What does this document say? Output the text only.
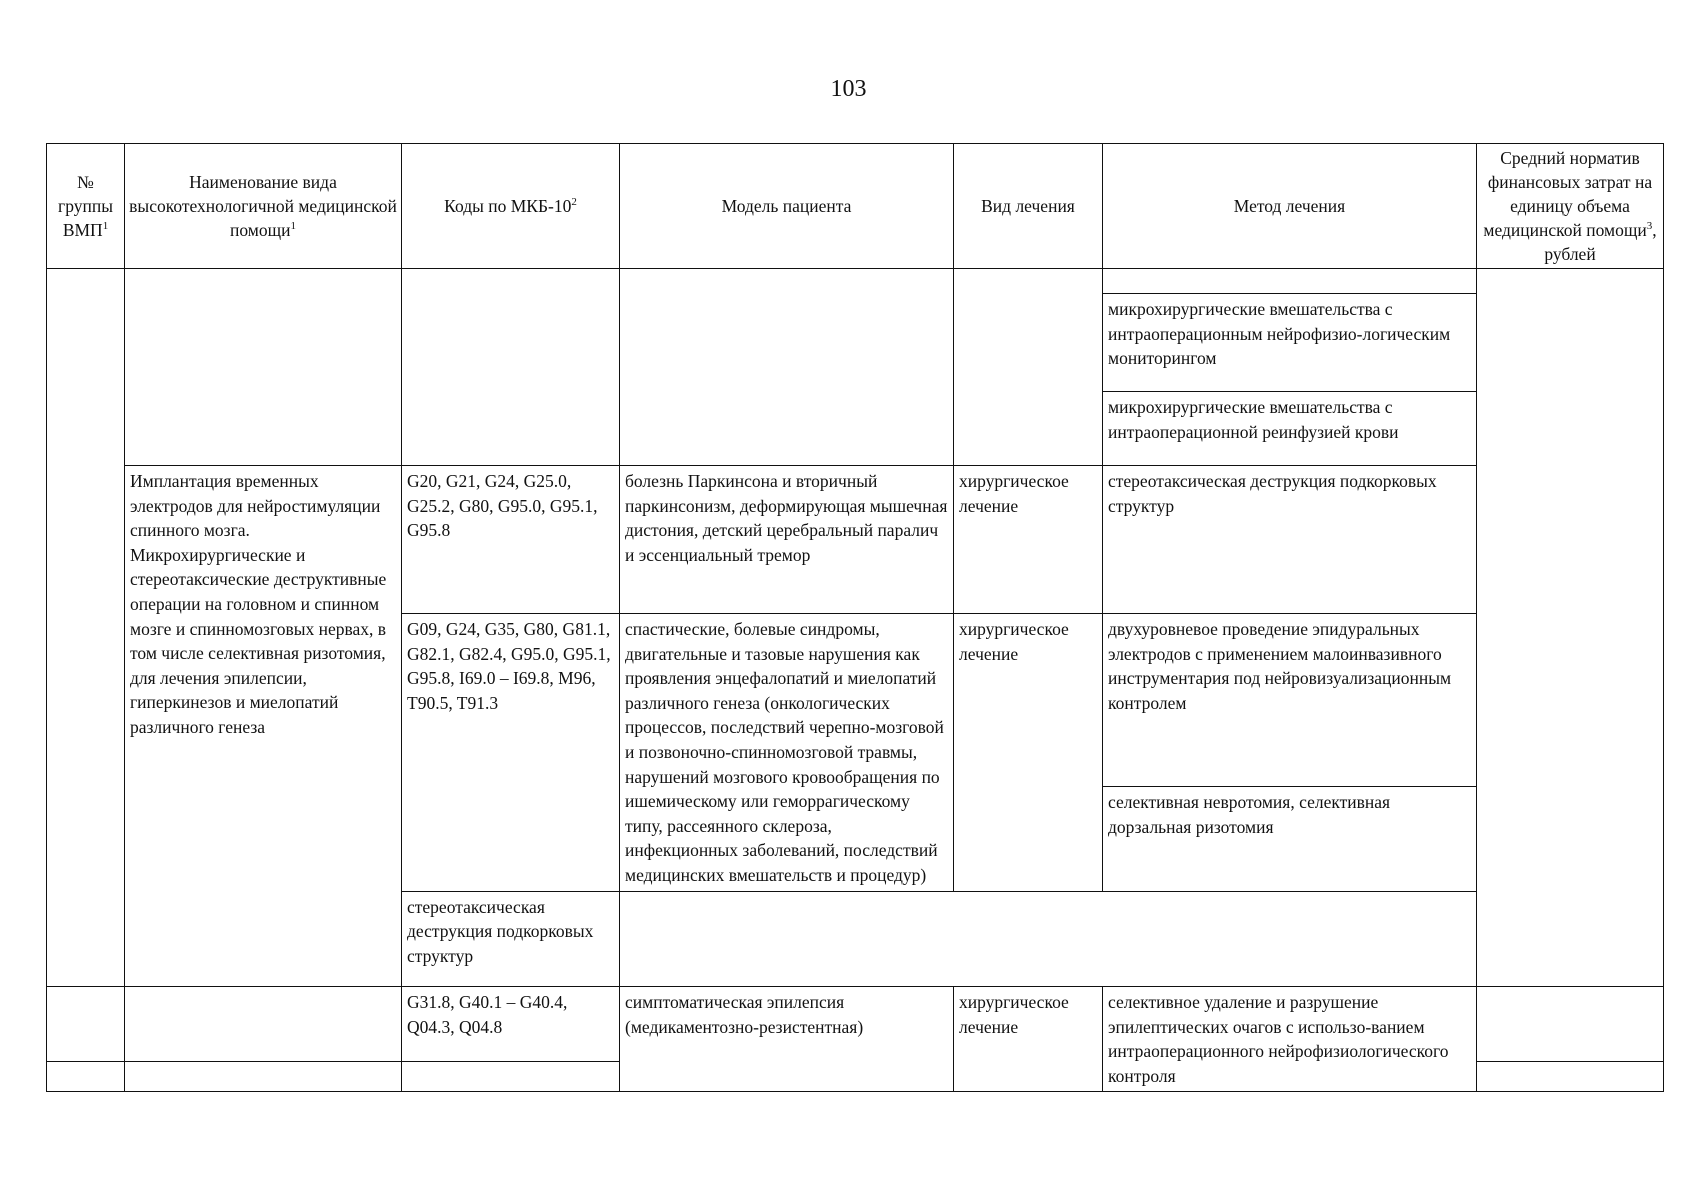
103
№ группы ВМП$^1$	Наименование вида высокотехнологичной медицинской помощи$^1$	Коды по МКБ-$10^2$	Модель пациента	Вид лечения	Метод лечения	Средний норматив финансовых затрат на единицу объема медицинской помощи$^3$, рублей

					микрохирургические вмешательства с интраоперационным нейрофизио-логическим мониторингом	
					микрохирургические вмешательства с интраоперационной реинфузией крови	
	Имплантация временных электродов для нейростимуляции спинного мозга. Микрохирургические и стереотаксические деструктивные операции на головном и спинном мозге и спинномозговых нервах, в том числе селективная ризотомия, для лечения эпилепсии, гиперкинезов и миелопатий различного генеза	G20, G21, G24, G25.0, G25.2, G80, G95.0, G95.1, G95.8	болезнь Паркинсона и вторичный паркинсонизм, деформирующая мышечная дистония, детский церебральный паралич и эссенциальный тремор	хирургическое лечение	стереотаксическая деструкция подкорковых структур	
		G09, G24, G35, G80, G81.1, G82.1, G82.4, G95.0, G95.1, G95.8, I69.0 – I69.8, M96, T90.5, T91.3	спастические, болевые синдромы, двигательные и тазовые нарушения как проявления энцефалопатий и миелопатий различного генеза (онкологических процессов, последствий черепно-мозговой и позвоночно-спинномозговой травмы, нарушений мозгового кровообращения по ишемическому или геморрагическому типу, рассеянного склероза, инфекционных заболеваний, последствий медицинских вмешательств и процедур)	хирургическое лечение	двухуровневое проведение эпидуральных электродов с применением малоинвазивного инструментария под нейровизуализационным контролем	
					селективная невротомия, селективная дорзальная ризотомия	
		стереотаксическая деструкция подкорковых структур				
		G31.8, G40.1 – G40.4, Q04.3, Q04.8	симптоматическая эпилепсия (медикаментозно-резистентная)	хирургическое лечение	селективное удаление и разрушение эпилептических очагов с использо-ванием интраоперационного нейрофизиологического контроля	
